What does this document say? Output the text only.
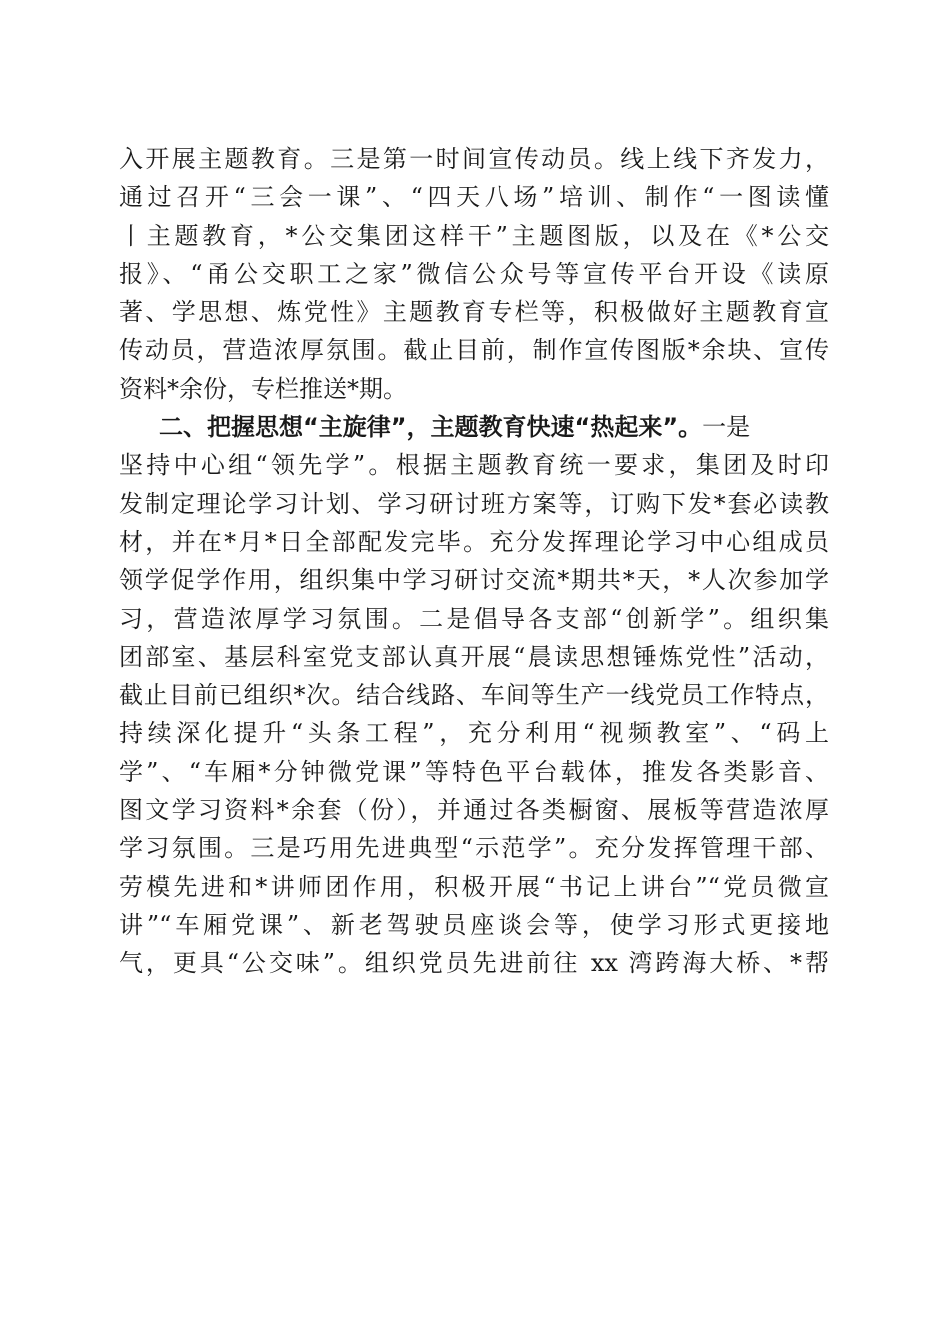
入开展主题教育。三是第一时间宣传动员。线上线下齐发力，
通过召开“三会一课”、“四天八场”培训、制作“一图读懂
丨主题教育，*公交集团这样干”主题图版，以及在《*公交
报》、“甬公交职工之家”微信公众号等宣传平台开设《读原
著、学思想、炼党性》主题教育专栏等，积极做好主题教育宣
传动员，营造浓厚氛围。截止目前，制作宣传图版*余块、宣传
资料*余份，专栏推送*期。
二、把握思想“主旋律”，主题教育快速“热起来”。一是
坚持中心组“领先学”。根据主题教育统一要求，集团及时印
发制定理论学习计划、学习研讨班方案等，订购下发*套必读教
材，并在*月*日全部配发完毕。充分发挥理论学习中心组成员
领学促学作用，组织集中学习研讨交流*期共*天，*人次参加学
习，营造浓厚学习氛围。二是倡导各支部“创新学”。组织集
团部室、基层科室党支部认真开展“晨读思想锤炼党性”活动，
截止目前已组织*次。结合线路、车间等生产一线党员工作特点，
持续深化提升“头条工程”，充分利用“视频教室”、“码上
学”、“车厢*分钟微党课”等特色平台载体，推发各类影音、
图文学习资料*余套（份），并通过各类橱窗、展板等营造浓厚
学习氛围。三是巧用先进典型“示范学”。充分发挥管理干部、
劳模先进和*讲师团作用，积极开展“书记上讲台”“党员微宣
讲”“车厢党课”、新老驾驶员座谈会等，使学习形式更接地
气，更具“公交味”。组织党员先进前往 xx 湾跨海大桥、*帮
